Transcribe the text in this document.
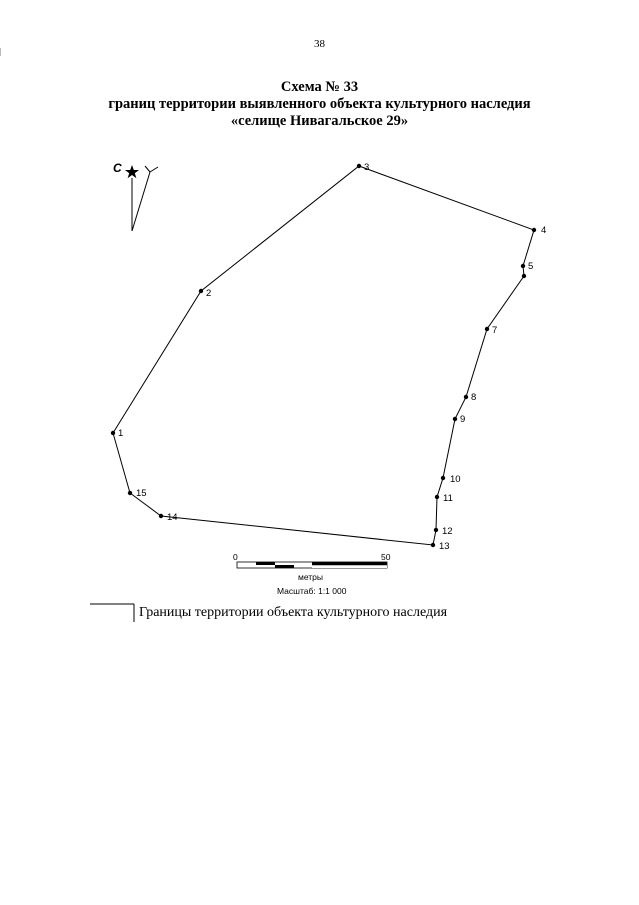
38
Схема № 33
границ территории выявленного объекта культурного наследия
«селище Нивагальское 29»
С
1
2
3
4
5
7
8
9
10
11
12
13
14
15
0	50
метры
Масштаб: 1:1 000
Границы территории объекта культурного наследия
